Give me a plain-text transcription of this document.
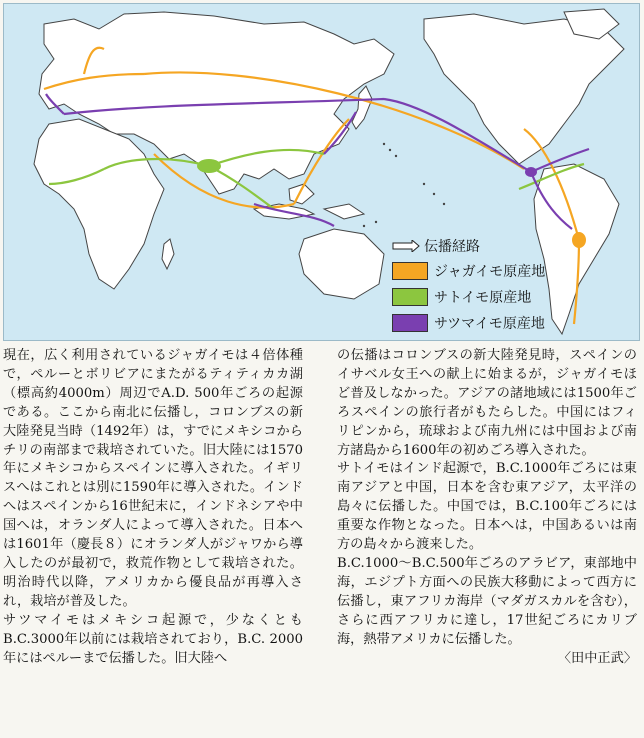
伝播経路
ジャガイモ原産地
サトイモ原産地
サツマイモ原産地

現在，広く利用されているジャガイモは４倍体種で，ペルーとボリビアにまたがるティティカカ湖（標高約4000m）周辺でA.D. 500年ごろの起源である。ここから南北に伝播し，コロンブスの新大陸発見当時（1492年）は，すでにメキシコからチリの南部まで栽培されていた。旧大陸には1570年にメキシコからスペインに導入された。イギリスへはこれとは別に1590年に導入された。インドへはスペインから16世紀末に，インドネシアや中国へは，オランダ人によって導入された。日本へは1601年（慶長８）にオランダ人がジャワから導入したのが最初で，救荒作物として栽培された。明治時代以降，アメリカから優良品が再導入され，栽培が普及した。

サツマイモはメキシコ起源で，少なくともB.C.3000年以前には栽培されており，B.C. 2000年にはペルーまで伝播した。旧大陸へ

の伝播はコロンブスの新大陸発見時，スペインのイサベル女王への献上に始まるが，ジャガイモほど普及しなかった。アジアの諸地域には1500年ごろスペインの旅行者がもたらした。中国にはフィリピンから，琉球および南九州には中国および南方諸島から1600年の初めごろ導入された。

サトイモはインド起源で，B.C.1000年ごろには東南アジアと中国，日本を含む東アジア，太平洋の島々に伝播した。中国では，B.C.100年ごろには重要な作物となった。日本へは，中国あるいは南方の島々から渡来した。

B.C.1000～B.C.500年ごろのアラビア，東部地中海，エジプト方面への民族大移動によって西方に伝播し，東アフリカ海岸（マダガスカルを含む），さらに西アフリカに達し，17世紀ごろにカリブ海，熱帯アメリカに伝播した。

〈田中正武〉
